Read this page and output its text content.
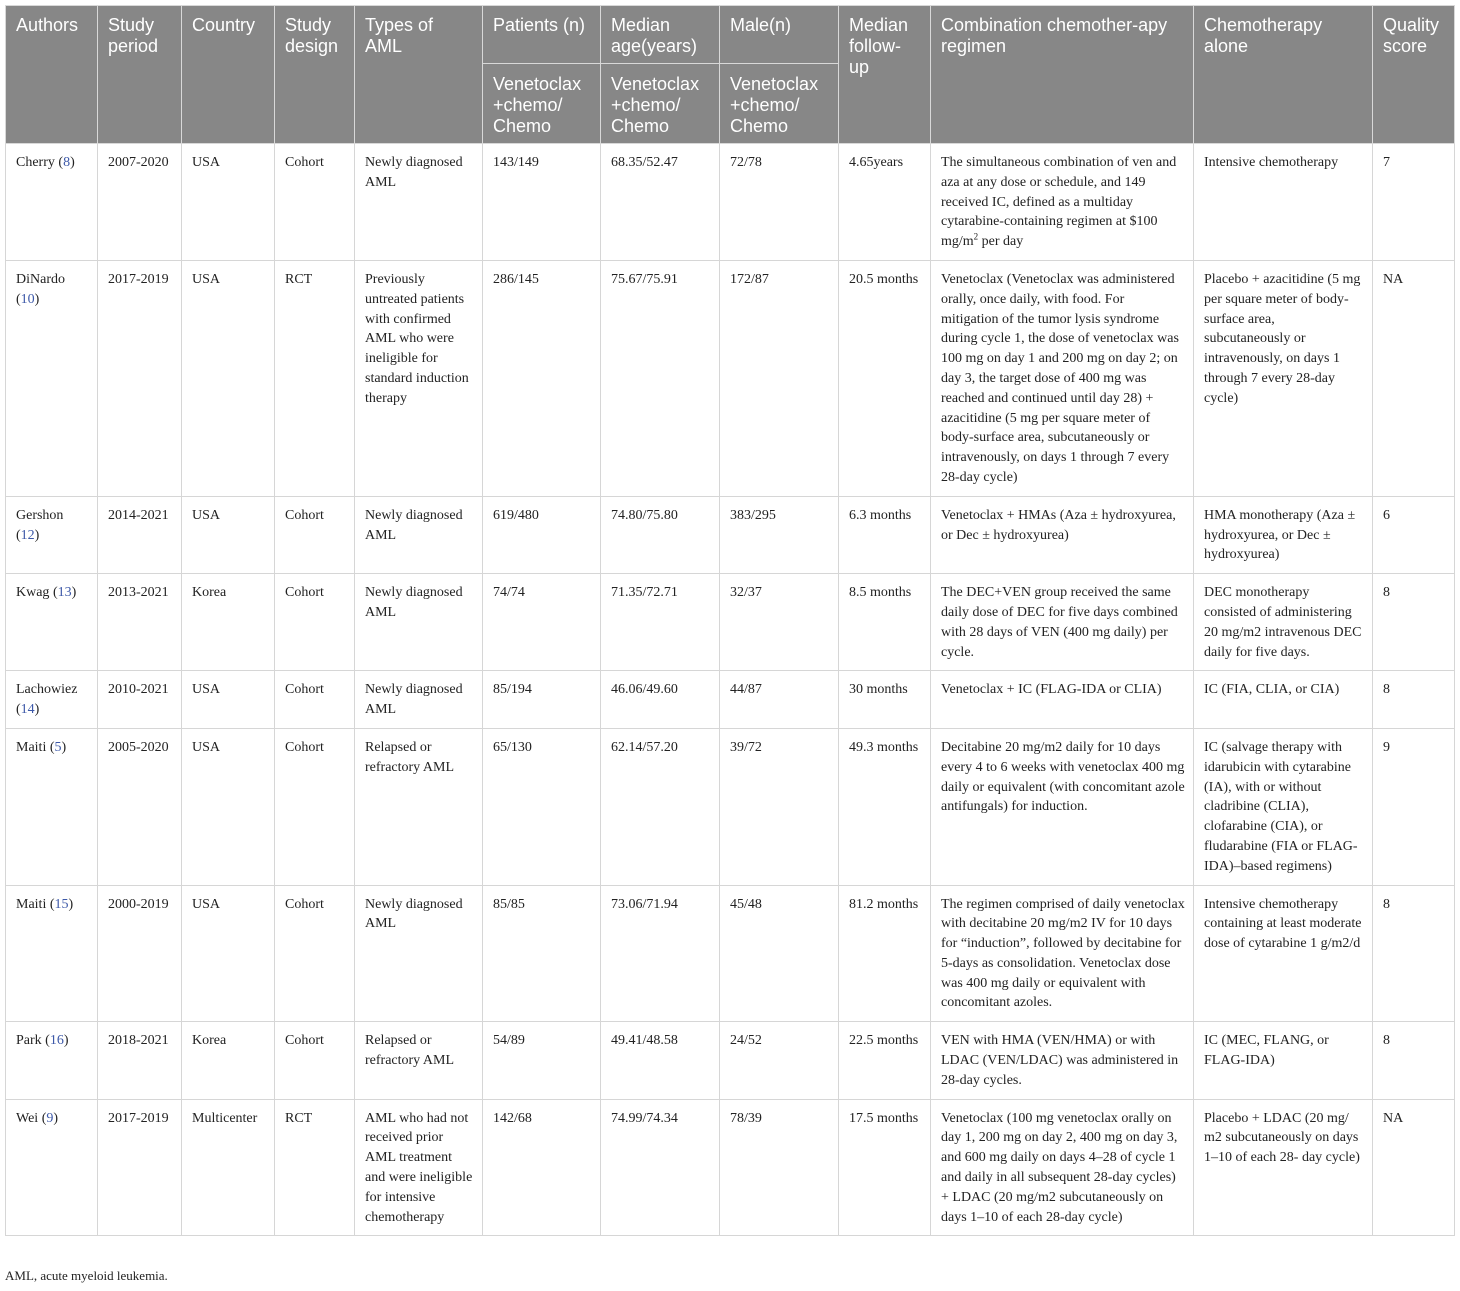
Authors	Study period	Country	Study design	Types of AML	Patients (n)	Median age(years)	Male(n)	Median follow-up	Combination chemother-apy regimen	Chemotherapy alone	Quality score
					Venetoclax +chemo/ Chemo	Venetoclax +chemo/ Chemo	Venetoclax +chemo/ Chemo				
Cherry (8)	2007-2020	USA	Cohort	Newly diagnosed AML	143/149	68.35/52.47	72/78	4.65years	The simultaneous combination of ven and aza at any dose or schedule, and 149 received IC, defined as a multiday cytarabine-containing regimen at $100 $mg/m^2$ per day	Intensive chemotherapy	7
DiNardo (10)	2017-2019	USA	RCT	Previously untreated patients with confirmed AML who were ineligible for standard induction therapy	286/145	75.67/75.91	172/87	20.5 months	Venetoclax (Venetoclax was administered orally, once daily, with food. For mitigation of the tumor lysis syndrome during cycle 1, the dose of venetoclax was 100 mg on day 1 and 200 mg on day 2; on day 3, the target dose of 400 mg was reached and continued until day 28) + azacitidine (5 mg per square meter of body-surface area, subcutaneously or intravenously, on days 1 through 7 every 28-day cycle)	Placebo + azacitidine (5 mg per square meter of body-surface area, subcutaneously or intravenously, on days 1 through 7 every 28-day cycle)	NA
Gershon (12)	2014-2021	USA	Cohort	Newly diagnosed AML	619/480	74.80/75.80	383/295	6.3 months	Venetoclax + HMAs (Aza ± hydroxyurea, or Dec ± hydroxyurea)	HMA monotherapy (Aza ± hydroxyurea, or Dec ± hydroxyurea)	6
Kwag (13)	2013-2021	Korea	Cohort	Newly diagnosed AML	74/74	71.35/72.71	32/37	8.5 months	The DEC+VEN group received the same daily dose of DEC for five days combined with 28 days of VEN (400 mg daily) per cycle.	DEC monotherapy consisted of administering 20 mg/m2 intravenous DEC daily for five days.	8
Lachowiez (14)	2010-2021	USA	Cohort	Newly diagnosed AML	85/194	46.06/49.60	44/87	30 months	Venetoclax + IC (FLAG-IDA or CLIA)	IC (FIA, CLIA, or CIA)	8
Maiti (5)	2005-2020	USA	Cohort	Relapsed or refractory AML	65/130	62.14/57.20	39/72	49.3 months	Decitabine 20 mg/m2 daily for 10 days every 4 to 6 weeks with venetoclax 400 mg daily or equivalent (with concomitant azole antifungals) for induction.	IC (salvage therapy with idarubicin with cytarabine (IA), with or without cladribine (CLIA), clofarabine (CIA), or fludarabine (FIA or FLAG- IDA)–based regimens)	9
Maiti (15)	2000-2019	USA	Cohort	Newly diagnosed AML	85/85	73.06/71.94	45/48	81.2 months	The regimen comprised of daily venetoclax with decitabine 20 mg/m2 IV for 10 days for “induction”, followed by decitabine for 5-days as consolidation. Venetoclax dose was 400 mg daily or equivalent with concomitant azoles.	Intensive chemotherapy containing at least moderate dose of cytarabine 1 g/m2/d	8
Park (16)	2018-2021	Korea	Cohort	Relapsed or refractory AML	54/89	49.41/48.58	24/52	22.5 months	VEN with HMA (VEN/HMA) or with LDAC (VEN/LDAC) was administered in 28-day cycles.	IC (MEC, FLANG, or FLAG-IDA)	8
Wei (9)	2017-2019	Multicenter	RCT	AML who had not received prior AML treatment and were ineligible for intensive chemotherapy	142/68	74.99/74.34	78/39	17.5 months	Venetoclax (100 mg venetoclax orally on day 1, 200 mg on day 2, 400 mg on day 3, and 600 mg daily on days 4–28 of cycle 1 and daily in all subsequent 28-day cycles) + LDAC (20 mg/m2 subcutaneously on days 1–10 of each 28-day cycle)	Placebo + LDAC (20 mg/ m2 subcutaneously on days 1–10 of each 28- day cycle)	NA
AML, acute myeloid leukemia.
